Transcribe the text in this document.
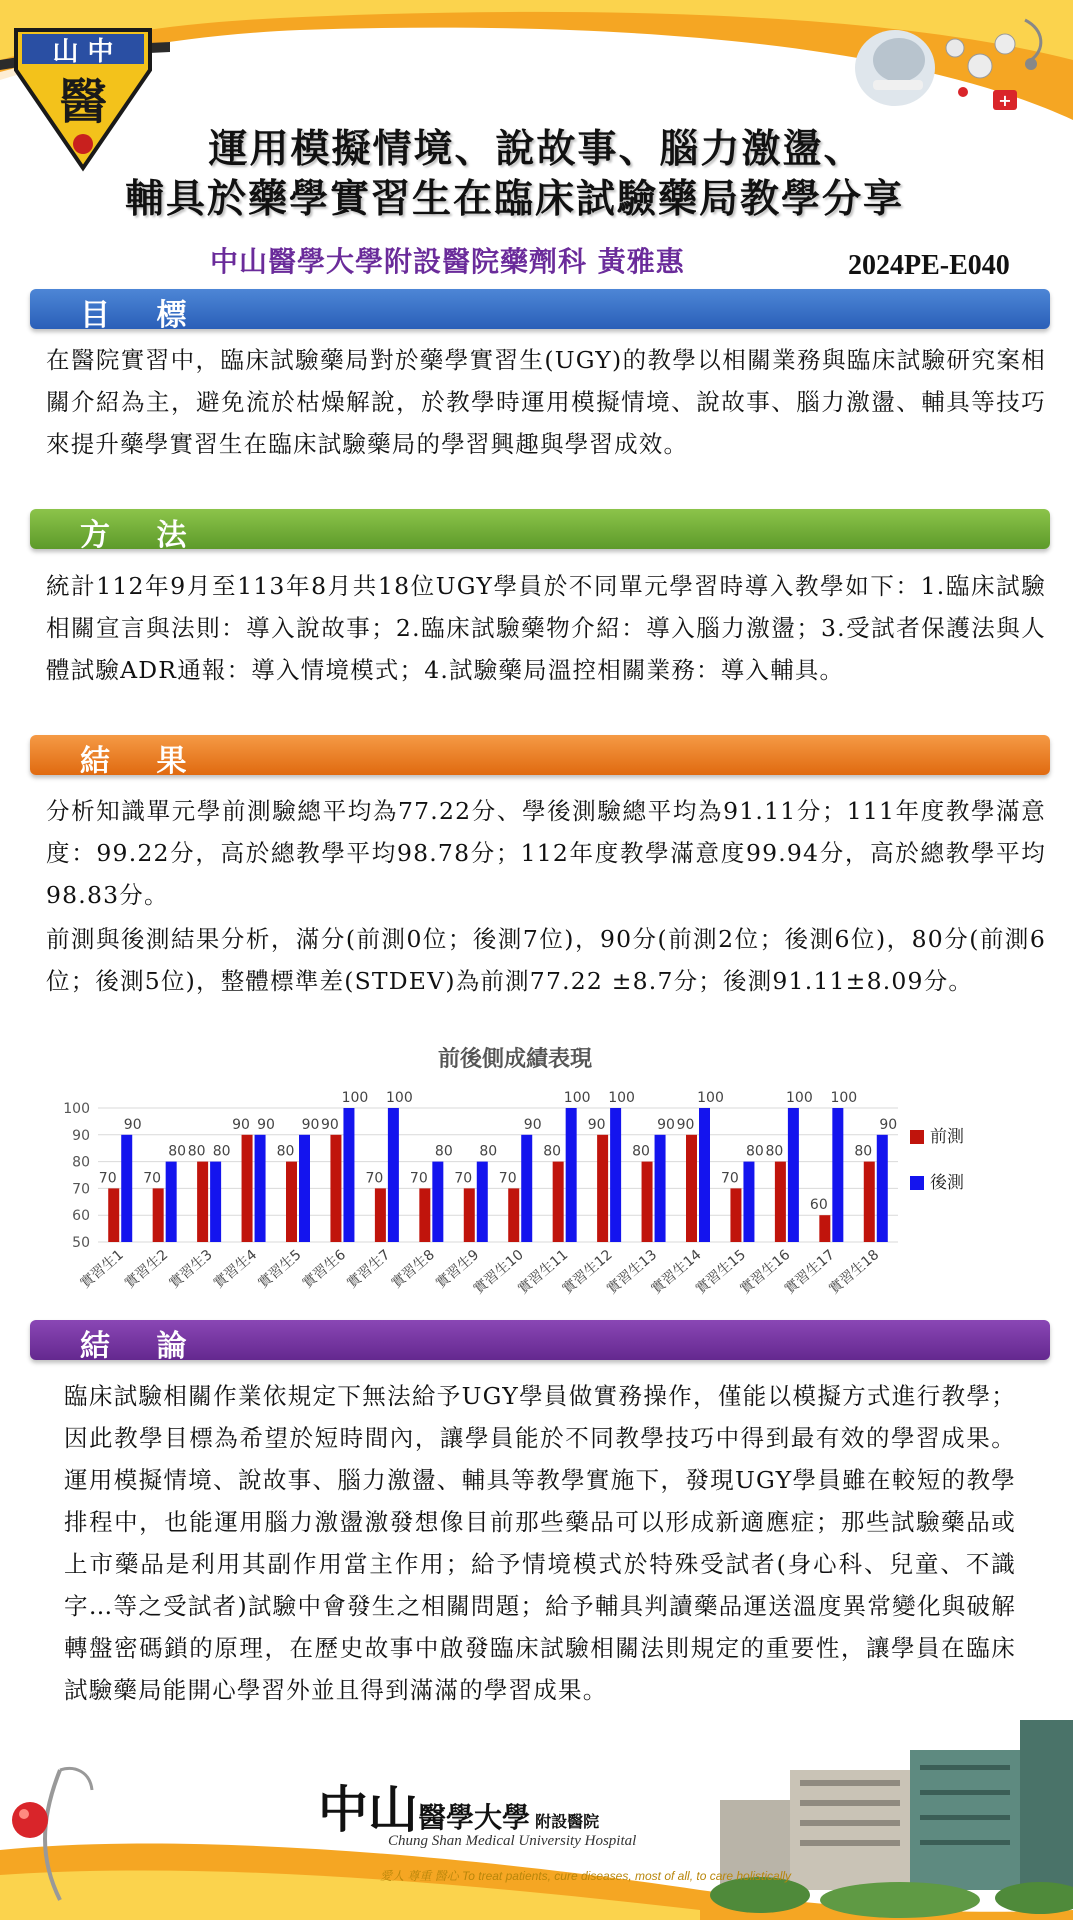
山 中
醫	+
運用模擬情境、說故事、腦力激盪、
輔具於藥學實習生在臨床試驗藥局教學分享
中山醫學大學附設醫院藥劑科 黃雅惠	2024PE-E040
目 標
在醫院實習中，臨床試驗藥局對於藥學實習生(UGY)的教學以相關業務與臨床試驗研究案相關介紹為主，避免流於枯燥解說，於教學時運用模擬情境、說故事、腦力激盪、輔具等技巧來提升藥學實習生在臨床試驗藥局的學習興趣與學習成效。
方 法
統計112年9月至113年8月共18位UGY學員於不同單元學習時導入教學如下：1.臨床試驗相關宣言與法則：導入說故事；2.臨床試驗藥物介紹：導入腦力激盪；3.受試者保護法與人體試驗ADR通報：導入情境模式；4.試驗藥局溫控相關業務：導入輔具。
結 果
分析知識單元學前測驗總平均為77.22分、學後測驗總平均為91.11分；111年度教學滿意度：99.22分，高於總教學平均98.78分；112年度教學滿意度99.94分，高於總教學平均98.83分。
前測與後測結果分析，滿分(前測0位；後測7位)，90分(前測2位；後測6位)，80分(前測6位；後測5位)，整體標準差(STDEV)為前測77.22 ±8.7分；後測91.11±8.09分。
前後側成績表現
50
60
70
80
90
100
70
90
實習生1
70
80
實習生2
80 80
實習生3
90 90
實習生4
80
90
實習生5
90
100
實習生6
70
100
實習生7
70
80
實習生8
70
80
實習生9
70
90
實習生10
80
100
實習生11
90
100
實習生12
80
90
實習生13
90
100
實習生14
70
80
實習生15
80
100
實習生16
60
100
實習生17
80
90
實習生18
前測
後測
結 論
臨床試驗相關作業依規定下無法給予UGY學員做實務操作，僅能以模擬方式進行教學；因此教學目標為希望於短時間內，讓學員能於不同教學技巧中得到最有效的學習成果。運用模擬情境、說故事、腦力激盪、輔具等教學實施下，發現UGY學員雖在較短的教學排程中，也能運用腦力激盪激發想像目前那些藥品可以形成新適應症；那些試驗藥品或上市藥品是利用其副作用當主作用；給予情境模式於特殊受試者(身心科、兒童、不識字…等之受試者)試驗中會發生之相關問題；給予輔具判讀藥品運送溫度異常變化與破解轉盤密碼鎖的原理，在歷史故事中啟發臨床試驗相關法則規定的重要性，讓學員在臨床試驗藥局能開心學習外並且得到滿滿的學習成果。
中山醫學大學 附設醫院
Chung Shan Medical University Hospital
愛人 尊重 醫心 To treat patients, cure diseases, most of all, to care holistically
